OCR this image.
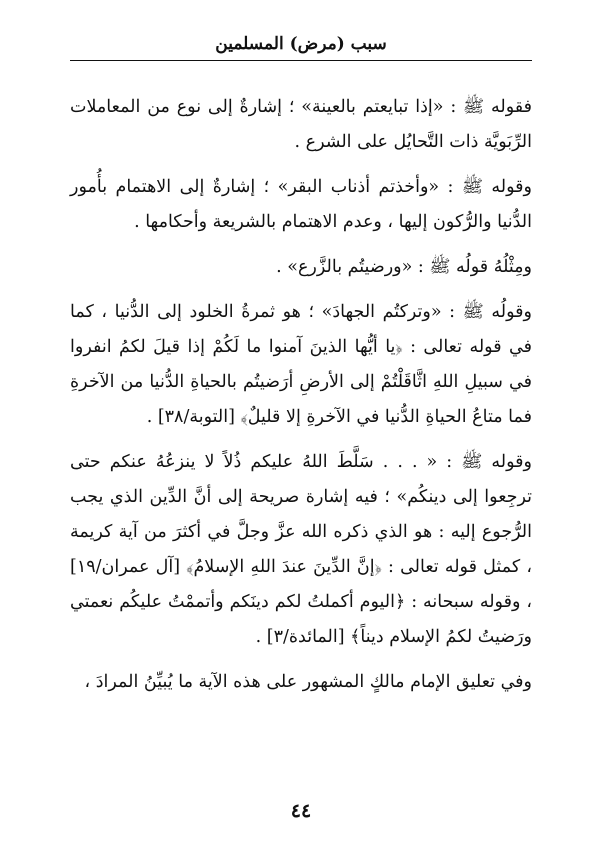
سبب (مرض) المسلمين

فقوله ﷺ : «إذا تبايعتم بالعينة» ؛ إشارةٌ إلى نوع من المعاملات الرِّبَويَّة ذات التَّحايُل على الشرع .

وقوله ﷺ : «وأخذتم أذناب البقر» ؛ إشارةٌ إلى الاهتمام بأُمور الدُّنيا والرُّكون إليها ، وعدم الاهتمام بالشريعة وأحكامها .

ومِثْلُهُ قولُه ﷺ : «ورضيتُم بالزَّرع» .

وقولُه ﷺ : «وتركتُم الجهادَ» ؛ هو ثمرةُ الخلود إلى الدُّنيا ، كما في قوله تعالى : ﴿يا أيُّها الذينَ آمنوا ما لَكُمْ إذا قيلَ لكمُ انفروا في سبيلِ اللهِ اثَّاقَلْتُمْ إلى الأرضِ أرَضيتُم بالحياةِ الدُّنيا من الآخرةِ فما متاعُ الحياةِ الدُّنيا في الآخرةِ إلا قليلٌ﴾ [التوبة/٣٨] .

وقوله ﷺ : « . . . سَلَّطَ اللهُ عليكم ذُلاً لا ينزعُهُ عنكم حتى ترجِعوا إلى دينكُم» ؛ فيه إشارة صريحة إلى أنَّ الدِّين الذي يجب الرُّجوع إليه : هو الذي ذكره الله عزَّ وجلَّ في أكثرَ من آية كريمة ، كمثل قوله تعالى : ﴿إنَّ الدِّينَ عندَ اللهِ الإسلامُ﴾ [آل عمران/١٩] ، وقوله سبحانه : ﴿اليوم أكملتُ لكم دينَكم وأتممْتُ عليكُم نعمتي ورَضيتُ لكمُ الإسلام ديناً﴾ [المائدة/٣] .

وفي تعليق الإمام مالكٍ المشهور على هذه الآية ما يُبيِّنُ المرادَ ،

٤٤
